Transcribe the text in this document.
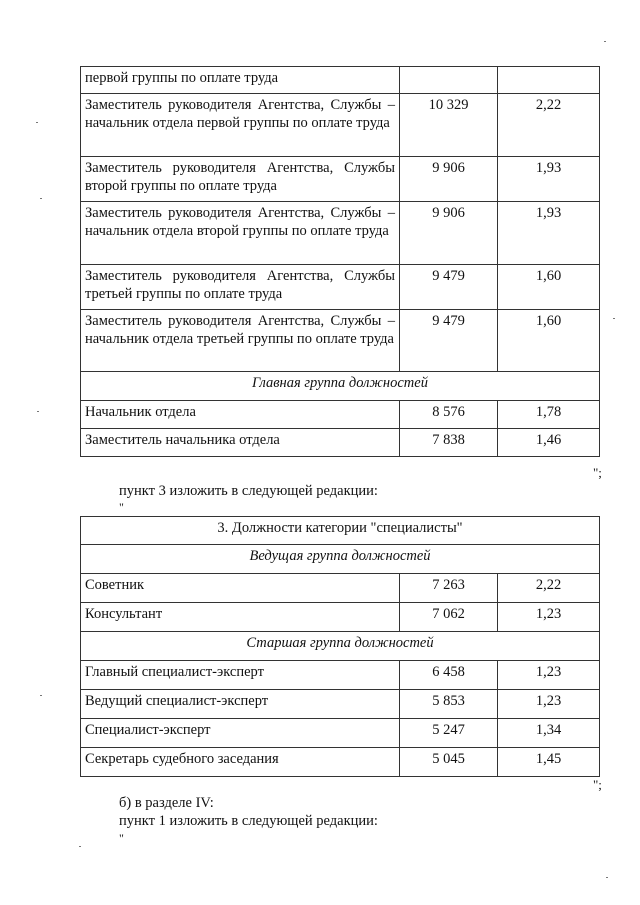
первой группы по оплате труда		
Заместитель руководителя Агентства, Службы – начальник отдела первой группы по оплате труда	10 329	2,22
Заместитель руководителя Агентства, Службы второй группы по оплате труда	9 906	1,93
Заместитель руководителя Агентства, Службы – начальник отдела второй группы по оплате труда	9 906	1,93
Заместитель руководителя Агентства, Службы третьей группы по оплате труда	9 479	1,60
Заместитель руководителя Агентства, Службы – начальник отдела третьей группы по оплате труда	9 479	1,60
Главная группа должностей		
Начальник отдела	8 576	1,78
Заместитель начальника отдела	7 838	1,46
";
пункт 3 изложить в следующей редакции:
"
3. Должности категории "специалисты"		
Ведущая группа должностей		
Советник	7 263	2,22
Консультант	7 062	1,23
Старшая группа должностей		
Главный специалист-эксперт	6 458	1,23
Ведущий специалист-эксперт	5 853	1,23
Специалист-эксперт	5 247	1,34
Секретарь судебного заседания	5 045	1,45
";
б) в разделе IV:
пункт 1 изложить в следующей редакции:
"
